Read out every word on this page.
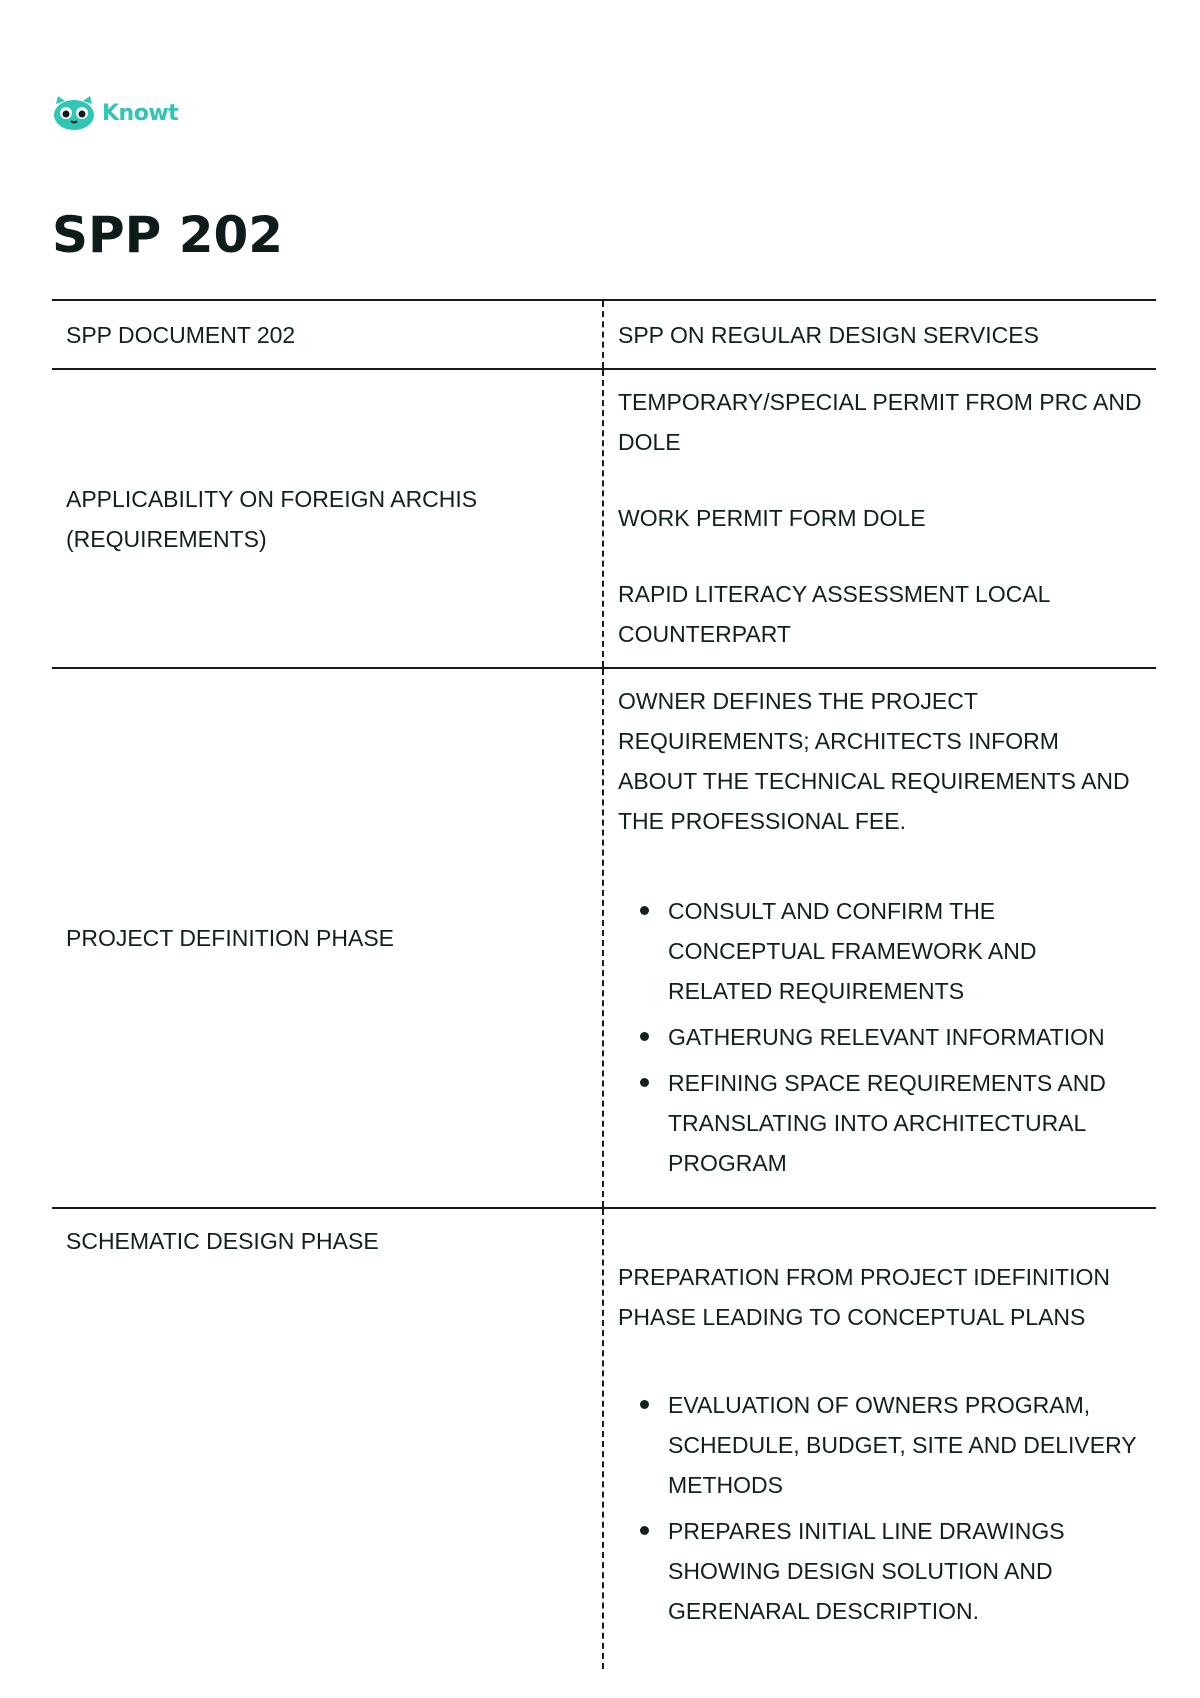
Knowt
SPP 202
SPP DOCUMENT 202	SPP ON REGULAR DESIGN SERVICES
APPLICABILITY ON FOREIGN ARCHIS (REQUIREMENTS)

TEMPORARY/SPECIAL PERMIT FROM PRC AND DOLE

WORK PERMIT FORM DOLE

RAPID LITERACY ASSESSMENT LOCAL COUNTERPART

PROJECT DEFINITION PHASE

OWNER DEFINES THE PROJECT REQUIREMENTS; ARCHITECTS INFORM ABOUT THE TECHNICAL REQUIREMENTS AND THE PROFESSIONAL FEE.

CONSULT AND CONFIRM THE CONCEPTUAL FRAMEWORK AND RELATED REQUIREMENTS
GATHERUNG RELEVANT INFORMATION
REFINING SPACE REQUIREMENTS AND TRANSLATING INTO ARCHITECTURAL PROGRAM
SCHEMATIC DESIGN PHASE

PREPARATION FROM PROJECT IDEFINITION PHASE LEADING TO CONCEPTUAL PLANS

EVALUATION OF OWNERS PROGRAM, SCHEDULE, BUDGET, SITE AND DELIVERY METHODS
PREPARES INITIAL LINE DRAWINGS SHOWING DESIGN SOLUTION AND GERENARAL DESCRIPTION.
